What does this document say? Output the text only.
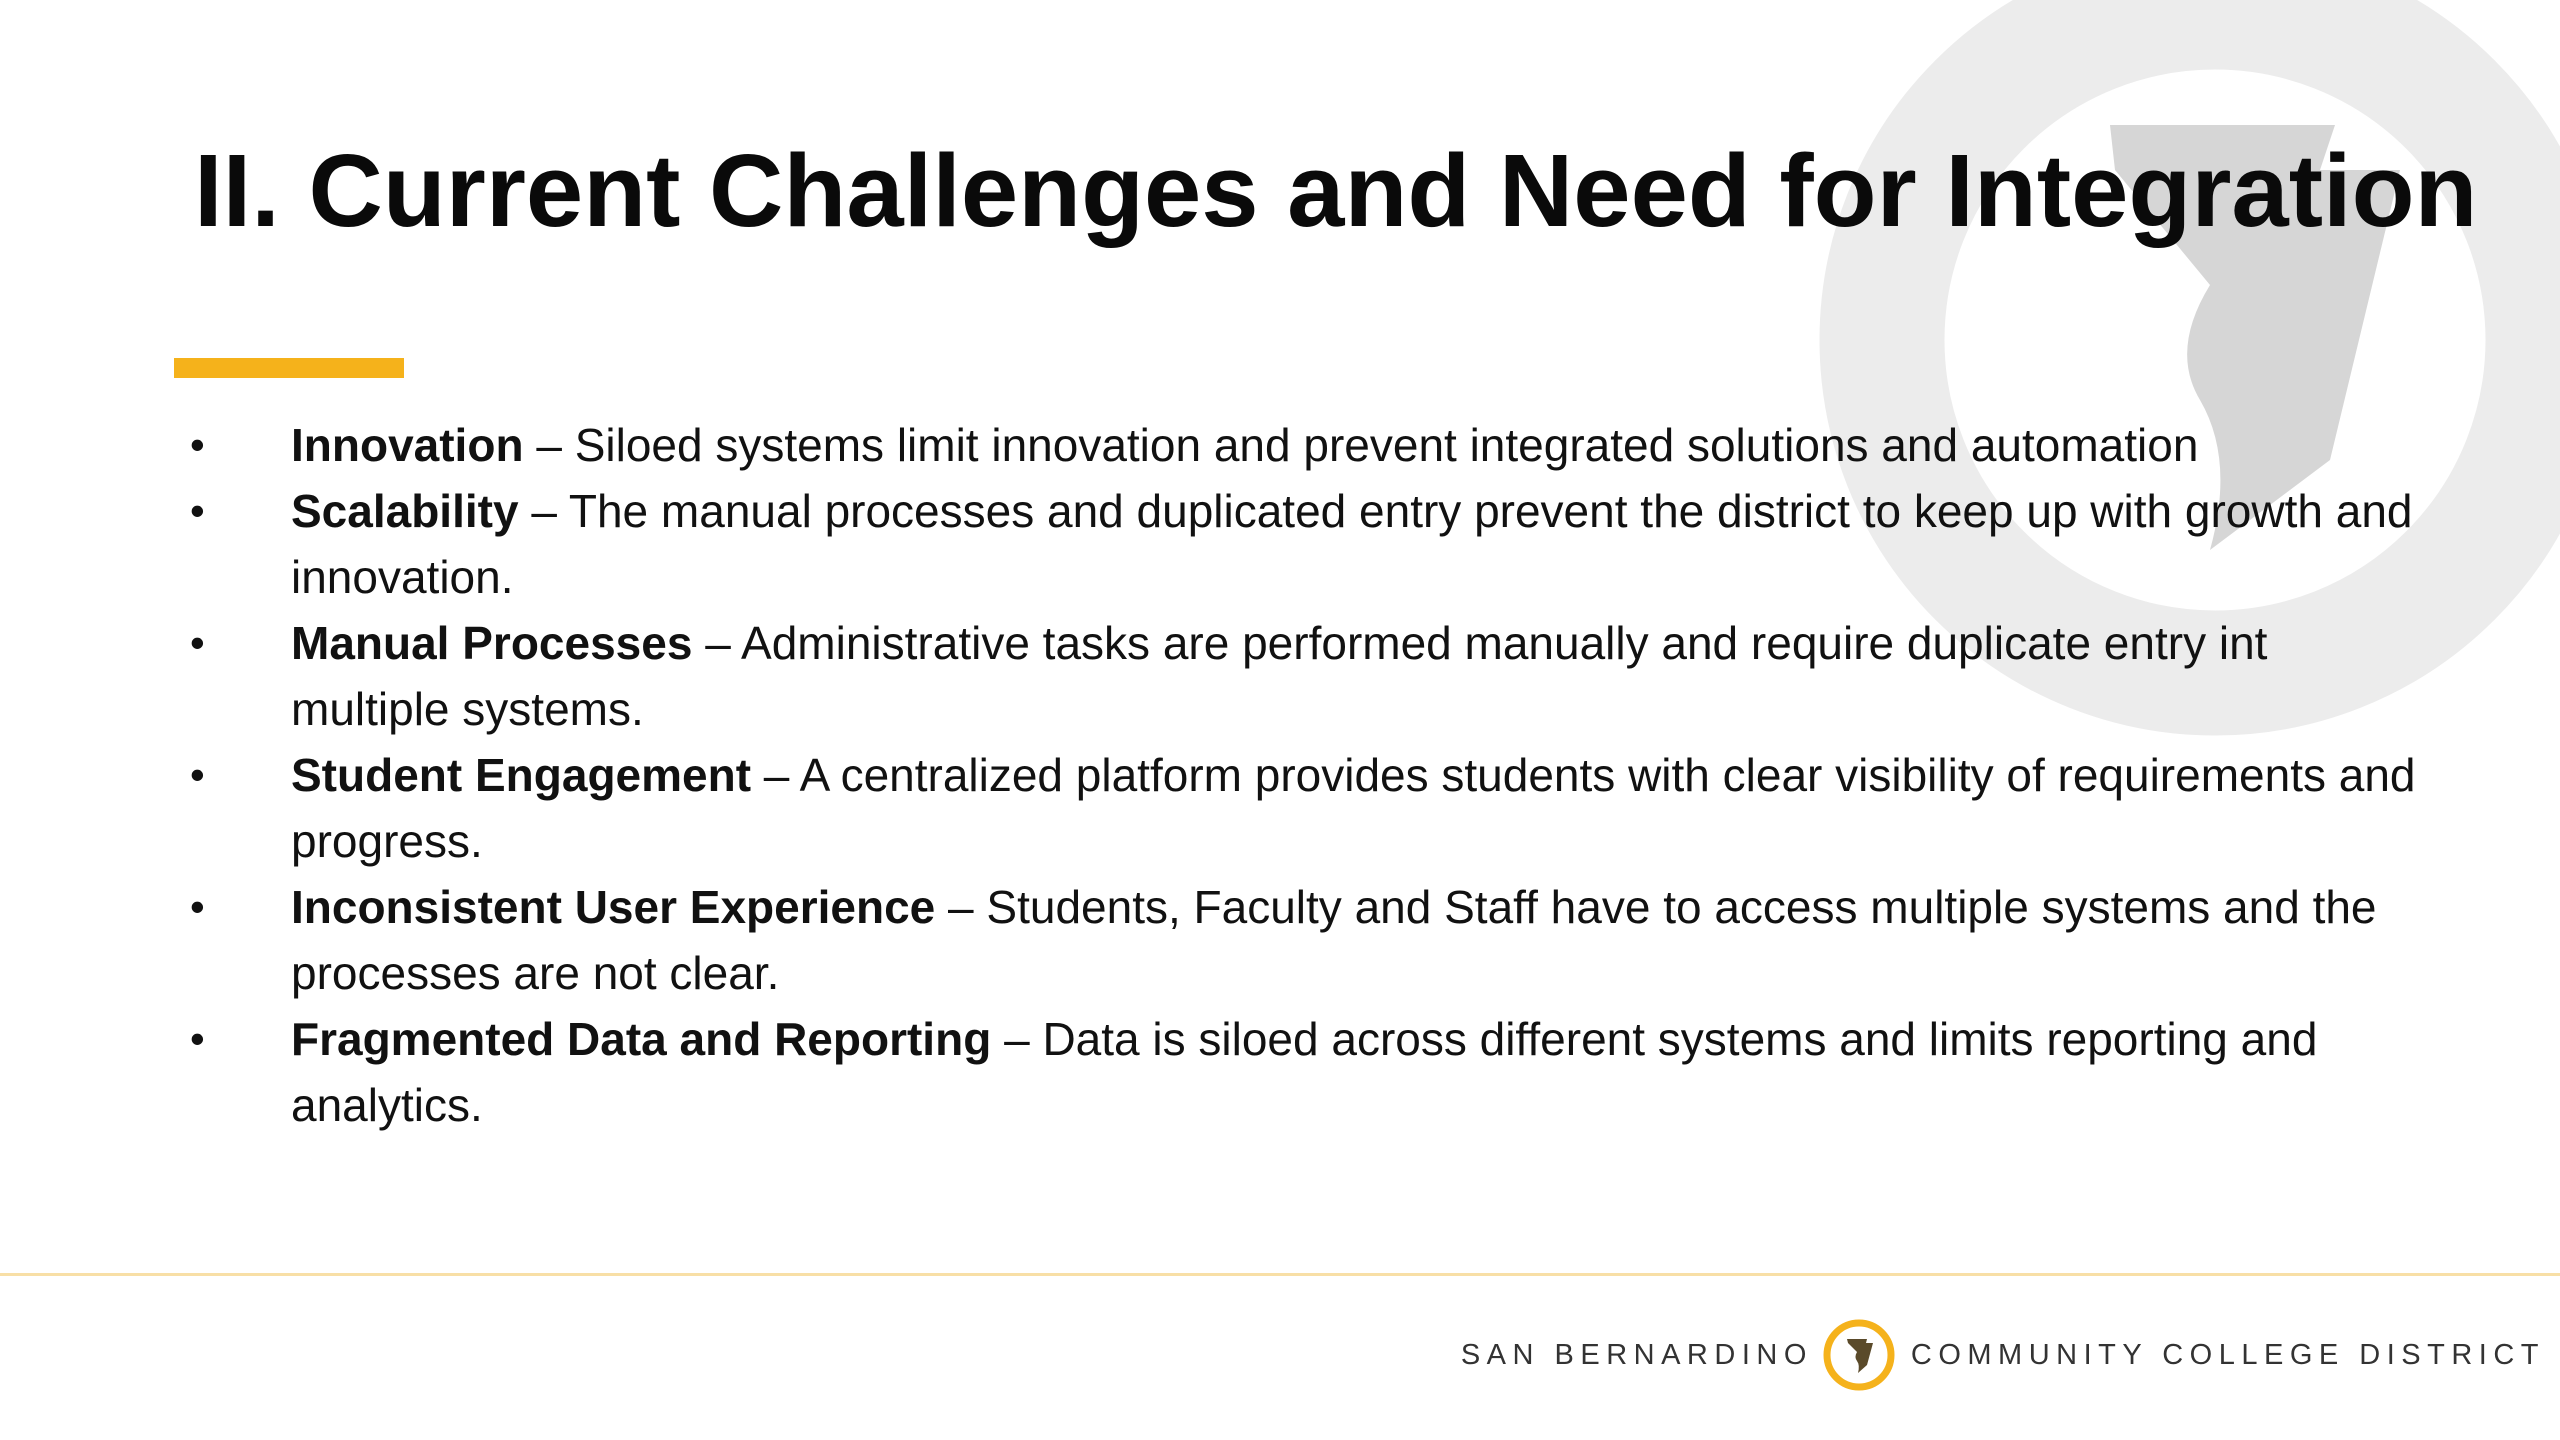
II. Current Challenges and Need for Integration
• Innovation – Siloed systems limit innovation and prevent integrated solutions and automation
• Scalability – The manual processes and duplicated entry prevent the district to keep up with growth and innovation.
• Manual Processes – Administrative tasks are performed manually and require duplicate entry int multiple systems.
• Student Engagement – A centralized platform provides students with clear visibility of requirements and progress.
• Inconsistent User Experience – Students, Faculty and Staff have to access multiple systems and the processes are not clear.
• Fragmented Data and Reporting – Data is siloed across different systems and limits reporting and analytics.
SAN BERNARDINO	COMMUNITY COLLEGE DISTRICT
